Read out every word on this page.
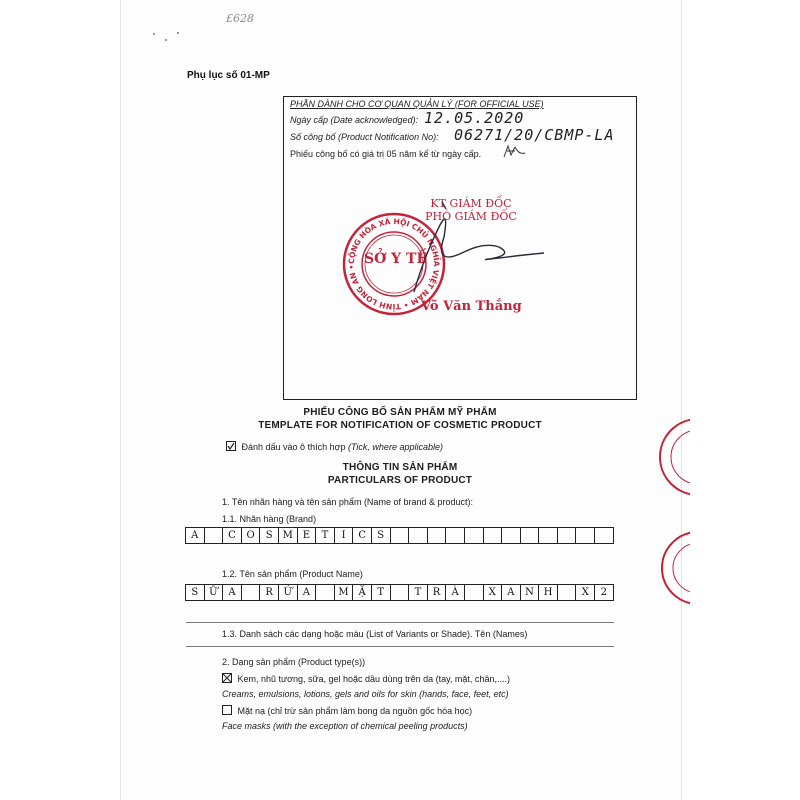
£628
Phụ lục số 01-MP
PHẦN DÀNH CHO CƠ QUAN QUẢN LÝ (FOR OFFICIAL USE)
Ngày cấp (Date acknowledged): 12.05.2020
Số công bố (Product Notification No): 06271/20/CBMP-LA
Phiếu công bố có giá trị 05 năm kể từ ngày cấp.
KT GIÁM ĐỐC
PHÓ GIÁM ĐỐC
CỘNG HÒA XÃ HỘI CHỦ NGHĨA VIỆT NAM • TỈNH LONG AN •
SỞ Y TẾ
Võ Văn Thắng
PHIẾU CÔNG BỐ SẢN PHẨM MỸ PHẨM
TEMPLATE FOR NOTIFICATION OF COSMETIC PRODUCT
Đánh dấu vào ô thích hợp (Tick, where applicable)
THÔNG TIN SẢN PHẨM
PARTICULARS OF PRODUCT
1. Tên nhãn hàng và tên sản phẩm (Name of brand & product):
1.1. Nhãn hàng (Brand)
A	C	O	S	M E	T	I	C	S
1.2. Tên sản phẩm (Product Name)
S	Ữ	A	R	Ử	A	M Ặ	T	T	R	À	X	A	N H	X	2
1.3. Danh sách các dạng hoặc màu (List of Variants or Shade). Tên (Names)
2. Dạng sản phẩm (Product type(s))
Kem, nhũ tương, sữa, gel hoặc dầu dùng trên da (tay, mặt, chân,....)
Creams, emulsions, lotions, gels and oils for skin (hands, face, feet, etc)
Mặt nạ (chỉ trừ sản phẩm làm bong da nguồn gốc hóa học)
Face masks (with the exception of chemical peeling products)
